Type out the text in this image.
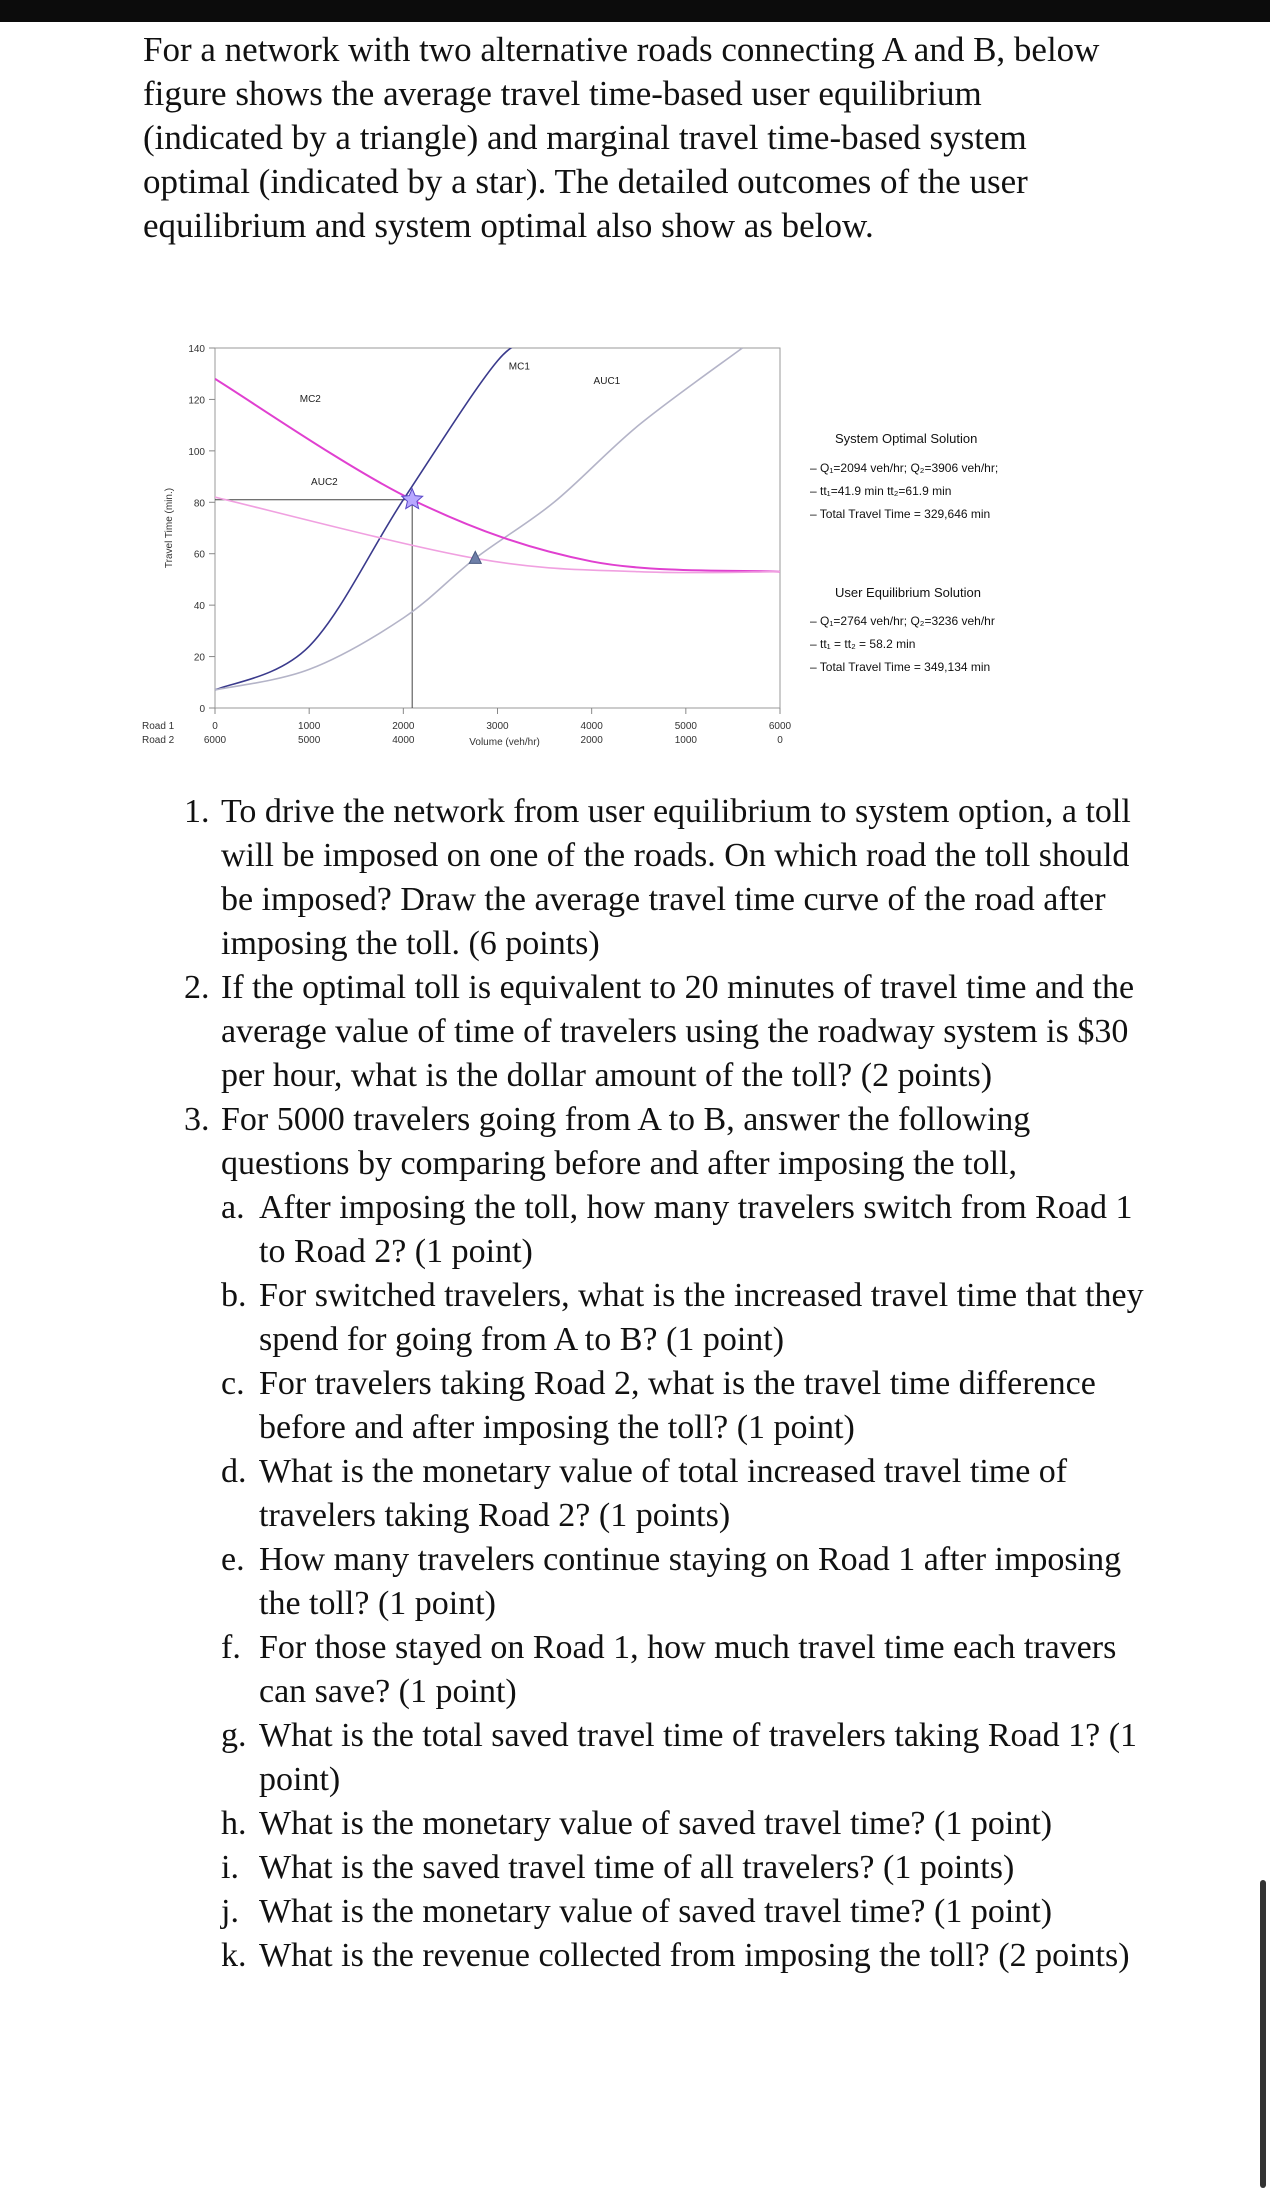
For a network with two alternative roads connecting A and B, below figure shows the average travel time-based user equilibrium (indicated by a triangle) and marginal travel time-based system optimal (indicated by a star). The detailed outcomes of the user equilibrium and system optimal also show as below.

0
20
40
60
80
100
120
140
Travel Time (min.)
0
6000
1000
5000
2000
4000
3000	4000
2000
5000
1000
6000
0
Road 1
Road 2	Volume (veh/hr)
MC1
AUC1
MC2
AUC2
System Optimal Solution
– Q₁=2094 veh/hr; Q₂=3906 veh/hr;
– tt₁=41.9 min tt₂=61.9 min
– Total Travel Time = 329,646 min
User Equilibrium Solution
– Q₁=2764 veh/hr; Q₂=3236 veh/hr
– tt₁ = tt₂ = 58.2 min
– Total Travel Time = 349,134 min
1. To drive the network from user equilibrium to system option, a toll will be imposed on one of the roads. On which road the toll should be imposed? Draw the average travel time curve of the road after imposing the toll. (6 points)
2. If the optimal toll is equivalent to 20 minutes of travel time and the average value of time of travelers using the roadway system is $30 per hour, what is the dollar amount of the toll? (2 points)
3. For 5000 travelers going from A to B, answer the following questions by comparing before and after imposing the toll,
a. After imposing the toll, how many travelers switch from Road 1 to Road 2? (1 point)
b. For switched travelers, what is the increased travel time that they spend for going from A to B? (1 point)
c. For travelers taking Road 2, what is the travel time difference before and after imposing the toll? (1 point)
d. What is the monetary value of total increased travel time of travelers taking Road 2? (1 points)
e. How many travelers continue staying on Road 1 after imposing the toll? (1 point)
f. For those stayed on Road 1, how much travel time each travers can save? (1 point)
g. What is the total saved travel time of travelers taking Road 1? (1 point)
h. What is the monetary value of saved travel time? (1 point)
i. What is the saved travel time of all travelers? (1 points)
j. What is the monetary value of saved travel time? (1 point)
k. What is the revenue collected from imposing the toll? (2 points)
